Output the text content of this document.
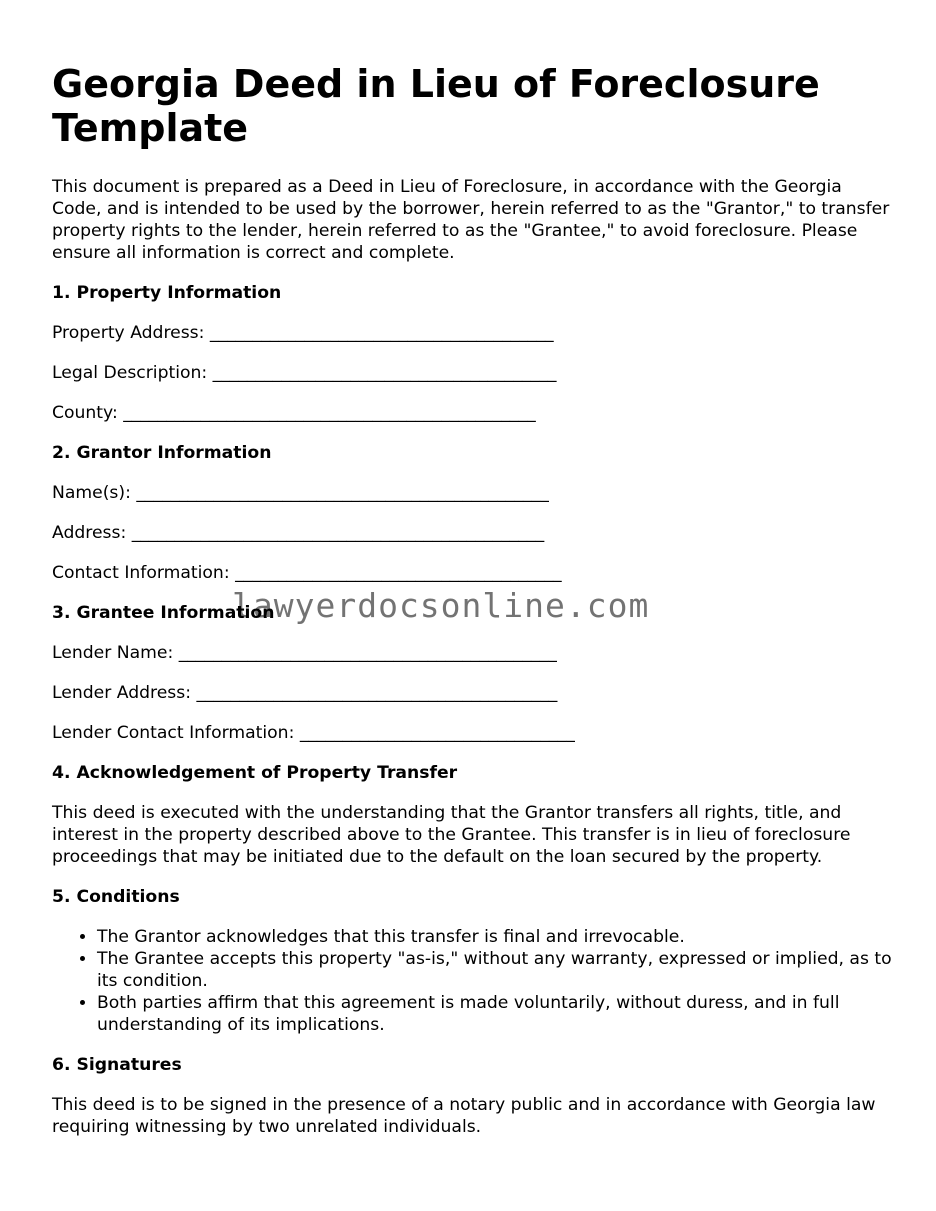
Georgia Deed in Lieu of Foreclosure Template

This document is prepared as a Deed in Lieu of Foreclosure, in accordance with the Georgia Code, and is intended to be used by the borrower, herein referred to as the "Grantor," to transfer property rights to the lender, herein referred to as the "Grantee," to avoid foreclosure. Please ensure all information is correct and complete.

1. Property Information
Property Address: ________________________________________
Legal Description: ________________________________________
County: ________________________________________________
2. Grantor Information
Name(s): ________________________________________________
Address: ________________________________________________
Contact Information: ______________________________________
3. Grantee Information
Lender Name: ____________________________________________
Lender Address: __________________________________________
Lender Contact Information: ________________________________
4. Acknowledgement of Property Transfer

This deed is executed with the understanding that the Grantor transfers all rights, title, and interest in the property described above to the Grantee. This transfer is in lieu of foreclosure proceedings that may be initiated due to the default on the loan secured by the property.

5. Conditions
• The Grantor acknowledges that this transfer is final and irrevocable.
• The Grantee accepts this property "as-is," without any warranty, expressed or implied, as to its condition.
• Both parties affirm that this agreement is made voluntarily, without duress, and in full understanding of its implications.
6. Signatures

This deed is to be signed in the presence of a notary public and in accordance with Georgia law requiring witnessing by two unrelated individuals.

lawyerdocsonline.com
